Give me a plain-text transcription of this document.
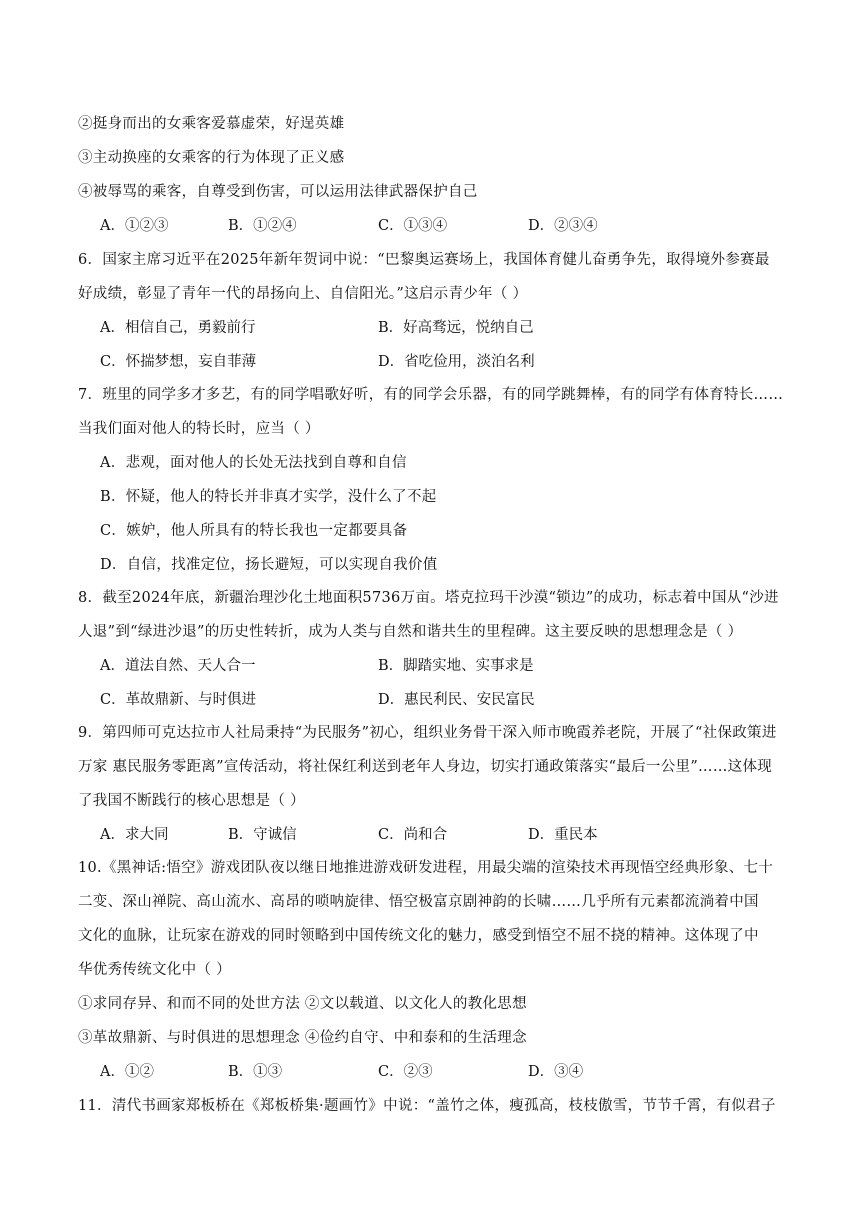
②挺身而出的女乘客爱慕虚荣，好逞英雄
③主动换座的女乘客的行为体现了正义感
④被辱骂的乘客，自尊受到伤害，可以运用法律武器保护自己
A．①②③	B．①②④	C．①③④	D．②③④
6．国家主席习近平在2025年新年贺词中说：“巴黎奥运赛场上，我国体育健儿奋勇争先，取得境外参赛最
好成绩，彰显了青年一代的昂扬向上、自信阳光。”这启示青少年（ ）
A．相信自己，勇毅前行	B．好高骛远，悦纳自己
C．怀揣梦想，妄自菲薄	D．省吃俭用，淡泊名利
7．班里的同学多才多艺，有的同学唱歌好听，有的同学会乐器，有的同学跳舞棒，有的同学有体育特长……
当我们面对他人的特长时，应当（ ）
A．悲观，面对他人的长处无法找到自尊和自信
B．怀疑，他人的特长并非真才实学，没什么了不起
C．嫉妒，他人所具有的特长我也一定都要具备
D．自信，找准定位，扬长避短，可以实现自我价值
8．截至2024年底，新疆治理沙化土地面积5736万亩。塔克拉玛干沙漠“锁边”的成功，标志着中国从“沙进
人退”到“绿进沙退”的历史性转折，成为人类与自然和谐共生的里程碑。这主要反映的思想理念是（ ）
A．道法自然、天人合一	B．脚踏实地、实事求是
C．革故鼎新、与时俱进	D．惠民利民、安民富民
9．第四师可克达拉市人社局秉持“为民服务”初心，组织业务骨干深入师市晚霞养老院，开展了“社保政策进
万家 惠民服务零距离”宣传活动，将社保红利送到老年人身边，切实打通政策落实“最后一公里”……这体现
了我国不断践行的核心思想是（ ）
A．求大同	B．守诚信	C．尚和合	D．重民本
10.《黑神话:悟空》游戏团队夜以继日地推进游戏研发进程，用最尖端的渲染技术再现悟空经典形象、七十
二变、深山禅院、高山流水、高昂的唢呐旋律、悟空极富京剧神韵的长啸……几乎所有元素都流淌着中国
文化的血脉，让玩家在游戏的同时领略到中国传统文化的魅力，感受到悟空不屈不挠的精神。这体现了中
华优秀传统文化中（ ）
①求同存异、和而不同的处世方法 ②文以载道、以文化人的教化思想
③革故鼎新、与时俱进的思想理念 ④俭约自守、中和泰和的生活理念
A．①②	B．①③	C．②③	D．③④
11．清代书画家郑板桥在《郑板桥集·题画竹》中说：“盖竹之体，瘦孤高，枝枝傲雪，节节千霄，有似君子
